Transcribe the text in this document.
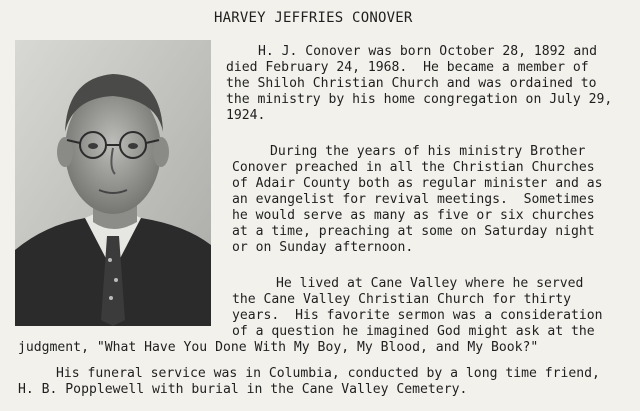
HARVEY JEFFRIES CONOVER
H. J. Conover was born October 28, 1892 and
died February 24, 1968.  He became a member of
the Shiloh Christian Church and was ordained to
the ministry by his home congregation on July 29,
1924.
During the years of his ministry Brother
Conover preached in all the Christian Churches
of Adair County both as regular minister and as
an evangelist for revival meetings.  Sometimes
he would serve as many as five or six churches
at a time, preaching at some on Saturday night
or on Sunday afternoon.
He lived at Cane Valley where he served
the Cane Valley Christian Church for thirty
years.  His favorite sermon was a consideration
of a question he imagined God might ask at the
judgment, "What Have You Done With My Boy, My Blood, and My Book?"
His funeral service was in Columbia, conducted by a long time friend,
H. B. Popplewell with burial in the Cane Valley Cemetery.
